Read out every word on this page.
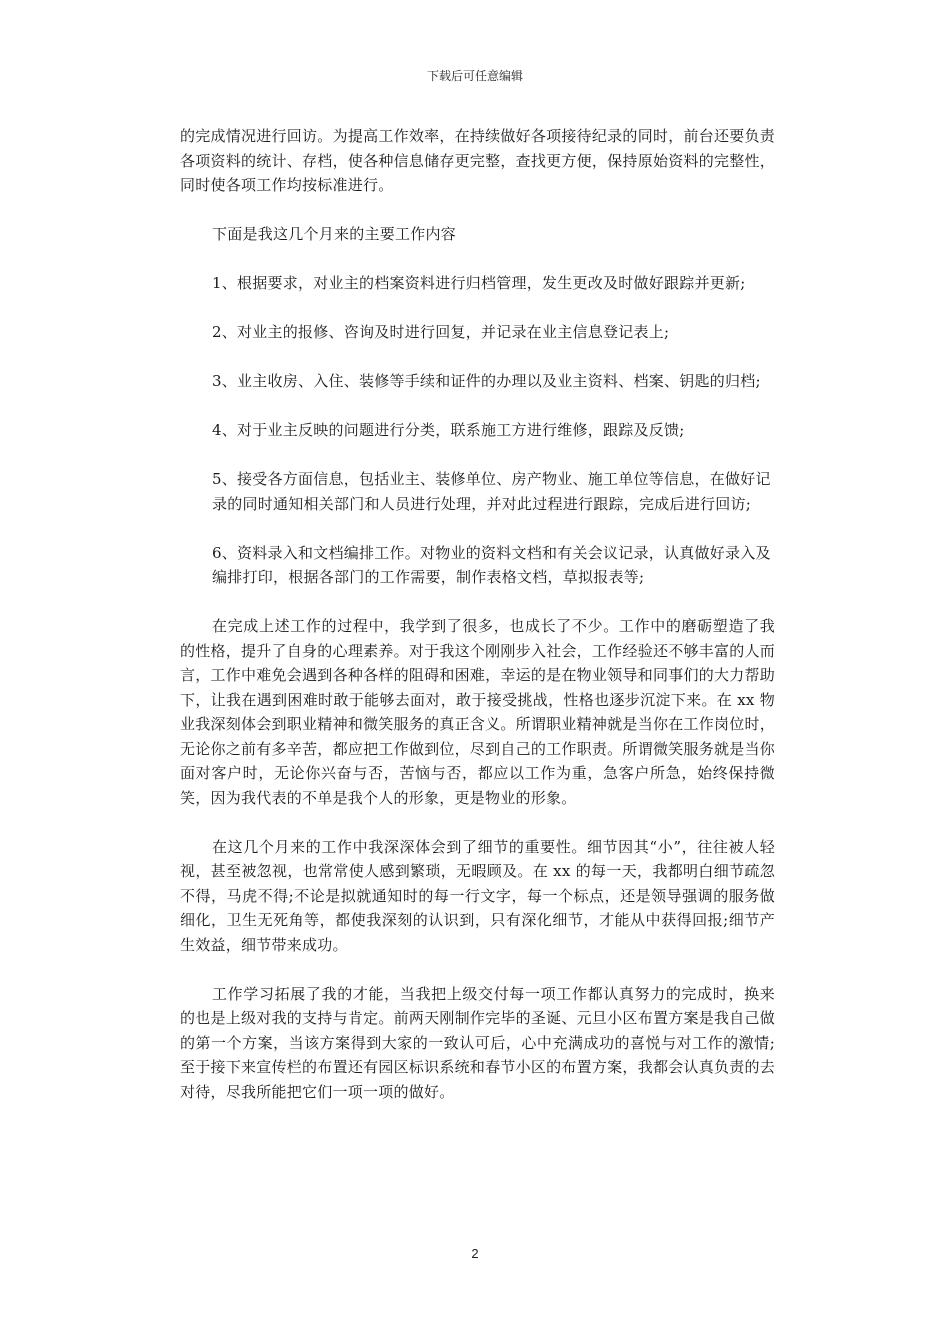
下载后可任意编辑

的完成情况进行回访。为提高工作效率，在持续做好各项接待纪录的同时，前台还要负责各项资料的统计、存档，使各种信息储存更完整，查找更方便，保持原始资料的完整性，同时使各项工作均按标准进行。

下面是我这几个月来的主要工作内容

1、根据要求，对业主的档案资料进行归档管理，发生更改及时做好跟踪并更新;

2、对业主的报修、咨询及时进行回复，并记录在业主信息登记表上;

3、业主收房、入住、装修等手续和证件的办理以及业主资料、档案、钥匙的归档;

4、对于业主反映的问题进行分类，联系施工方进行维修，跟踪及反馈;

5、接受各方面信息，包括业主、装修单位、房产物业、施工单位等信息，在做好记录的同时通知相关部门和人员进行处理，并对此过程进行跟踪，完成后进行回访;

6、资料录入和文档编排工作。对物业的资料文档和有关会议记录，认真做好录入及编排打印，根据各部门的工作需要，制作表格文档，草拟报表等;

在完成上述工作的过程中，我学到了很多，也成长了不少。工作中的磨砺塑造了我的性格，提升了自身的心理素养。对于我这个刚刚步入社会，工作经验还不够丰富的人而言，工作中难免会遇到各种各样的阻碍和困难，幸运的是在物业领导和同事们的大力帮助下，让我在遇到困难时敢于能够去面对，敢于接受挑战，性格也逐步沉淀下来。在 xx 物业我深刻体会到职业精神和微笑服务的真正含义。所谓职业精神就是当你在工作岗位时，无论你之前有多辛苦，都应把工作做到位，尽到自己的工作职责。所谓微笑服务就是当你面对客户时，无论你兴奋与否，苦恼与否，都应以工作为重，急客户所急，始终保持微笑，因为我代表的不单是我个人的形象，更是物业的形象。

在这几个月来的工作中我深深体会到了细节的重要性。细节因其“小”，往往被人轻视，甚至被忽视，也常常使人感到繁琐，无暇顾及。在 xx 的每一天，我都明白细节疏忽不得，马虎不得;不论是拟就通知时的每一行文字，每一个标点，还是领导强调的服务做细化，卫生无死角等，都使我深刻的认识到，只有深化细节，才能从中获得回报;细节产生效益，细节带来成功。

工作学习拓展了我的才能，当我把上级交付每一项工作都认真努力的完成时，换来的也是上级对我的支持与肯定。前两天刚制作完毕的圣诞、元旦小区布置方案是我自己做的第一个方案，当该方案得到大家的一致认可后，心中充满成功的喜悦与对工作的激情;至于接下来宣传栏的布置还有园区标识系统和春节小区的布置方案，我都会认真负责的去对待，尽我所能把它们一项一项的做好。

2
